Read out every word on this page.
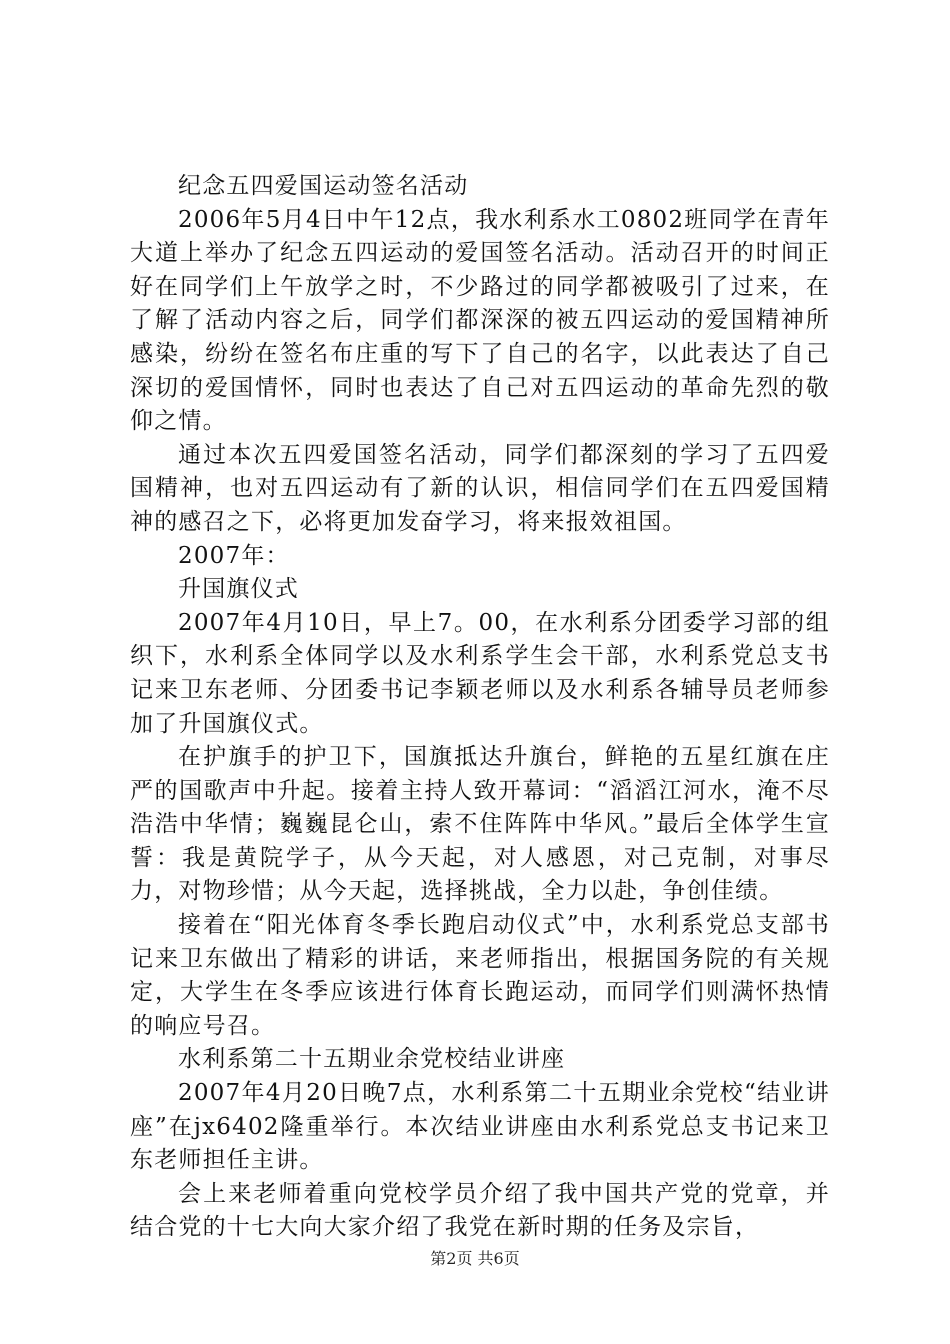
纪念五四爱国运动签名活动

2006年5月4日中午12点，我水利系水工0802班同学在青年大道上举办了纪念五四运动的爱国签名活动。活动召开的时间正好在同学们上午放学之时，不少路过的同学都被吸引了过来，在了解了活动内容之后，同学们都深深的被五四运动的爱国精神所感染，纷纷在签名布庄重的写下了自己的名字，以此表达了自己深切的爱国情怀，同时也表达了自己对五四运动的革命先烈的敬仰之情。

通过本次五四爱国签名活动，同学们都深刻的学习了五四爱国精神，也对五四运动有了新的认识，相信同学们在五四爱国精神的感召之下，必将更加发奋学习，将来报效祖国。

2007年：

升国旗仪式

2007年4月10日，早上7。00，在水利系分团委学习部的组织下，水利系全体同学以及水利系学生会干部，水利系党总支书记来卫东老师、分团委书记李颖老师以及水利系各辅导员老师参加了升国旗仪式。

在护旗手的护卫下，国旗抵达升旗台，鲜艳的五星红旗在庄严的国歌声中升起。接着主持人致开幕词：“滔滔江河水，淹不尽浩浩中华情；巍巍昆仑山，索不住阵阵中华风。”最后全体学生宣誓：我是黄院学子，从今天起，对人感恩，对己克制，对事尽力，对物珍惜；从今天起，选择挑战，全力以赴，争创佳绩。

接着在“阳光体育冬季长跑启动仪式”中，水利系党总支部书记来卫东做出了精彩的讲话，来老师指出，根据国务院的有关规定，大学生在冬季应该进行体育长跑运动，而同学们则满怀热情的响应号召。

水利系第二十五期业余党校结业讲座

2007年4月20日晚7点，水利系第二十五期业余党校“结业讲座”在jx6402隆重举行。本次结业讲座由水利系党总支书记来卫东老师担任主讲。

会上来老师着重向党校学员介绍了我中国共产党的党章，并结合党的十七大向大家介绍了我党在新时期的任务及宗旨，

第2页 共6页
